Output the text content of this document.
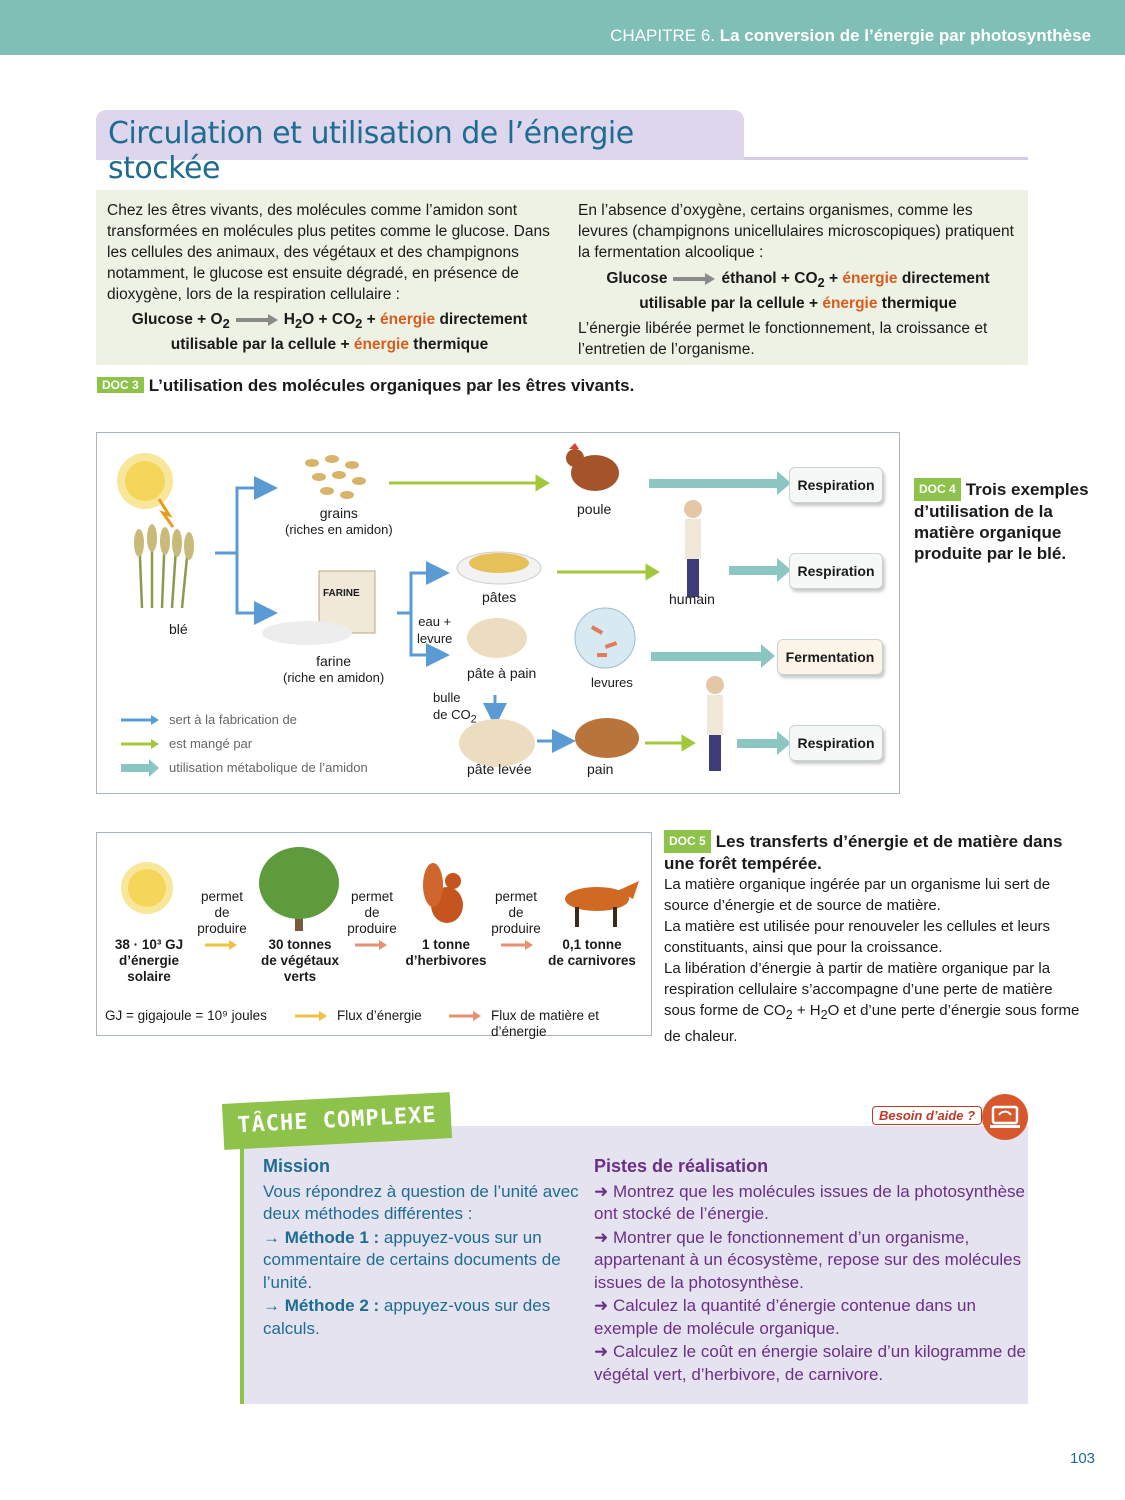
CHAPITRE 6. La conversion de l’énergie par photosynthèse
Circulation et utilisation de l’énergie stockée

Chez les êtres vivants, des molécules comme l’amidon sont transformées en molécules plus petites comme le glucose. Dans les cellules des animaux, des végétaux et des champignons notamment, le glucose est ensuite dégradé, en présence de dioxygène, lors de la respiration cellulaire :

$Glucose + O_2$	$H_2O + CO_2$ + énergie directement
utilisable par la cellule + énergie thermique

En l’absence d’oxygène, certains organismes, comme les levures (champignons unicellulaires microscopiques) pratiquent la fermentation alcoolique :

Glucose	éthanol + $CO_2$ + énergie directement
utilisable par la cellule + énergie thermique

L’énergie libérée permet le fonctionnement, la croissance et l’entretien de l’organisme.

DOC 3 L’utilisation des molécules organiques par les êtres vivants.
grains
(riches en amidon)
blé
FARINE
farine
(riche en amidon)
poule
pâtes	humain
eau +
levure
pâte à pain
levures
bulle
de $CO_2$
pâte levée	pain
Respiration
Respiration
Fermentation
Respiration
sert à la fabrication de
est mangé par
utilisation métabolique de l’amidon
DOC 4 Trois exemples d’utilisation de la matière organique produite par le blé.
permet
de
produire
permet
de
produire
permet
de
produire
38 · 10³ GJ
d’énergie
solaire
30 tonnes
de végétaux
verts
1 tonne
d’herbivores
0,1 tonne
de carnivores
GJ = gigajoule = 10⁹ joules	Flux d’énergie	Flux de matière et d’énergie
DOC 5 Les transferts d’énergie et de matière dans une forêt tempérée.

La matière organique ingérée par un organisme lui sert de source d’énergie et de source de matière.

La matière est utilisée pour renouveler les cellules et leurs constituants, ainsi que pour la croissance.

La libération d’énergie à partir de matière organique par la respiration cellulaire s’accompagne d’une perte de matière sous forme de $CO_2 + H_2O$ et d’une perte d’énergie sous forme de chaleur.

TÂCHE COMPLEXE	Besoin d’aide ?
Mission

Vous répondrez à question de l’unité avec deux méthodes différentes :

→ Méthode 1 : appuyez-vous sur un commentaire de certains documents de l’unité.

→ Méthode 2 : appuyez-vous sur des calculs.

Pistes de réalisation

➜ Montrez que les molécules issues de la photosynthèse ont stocké de l’énergie.

➜ Montrer que le fonctionnement d’un organisme, appartenant à un écosystème, repose sur des molécules issues de la photosynthèse.

➜ Calculez la quantité d’énergie contenue dans un exemple de molécule organique.

➜ Calculez le coût en énergie solaire d’un kilogramme de végétal vert, d’herbivore, de carnivore.

103
